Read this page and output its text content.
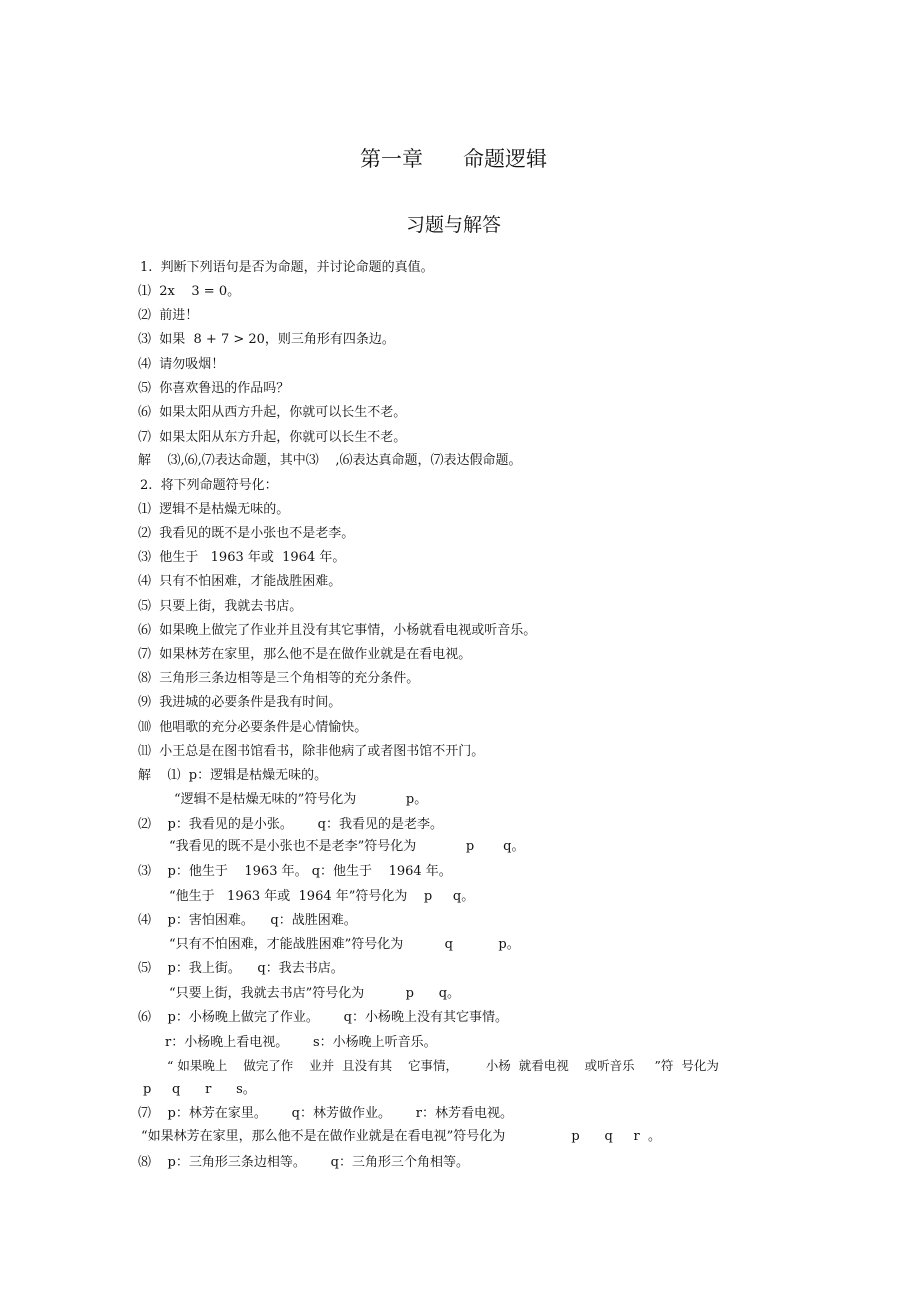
第一章      命题逻辑
习题与解答
1.  判断下列语句是否为命题，并讨论命题的真值。
⑴  2x    3 = 0。
⑵  前进！
⑶  如果  8 + 7 > 20，则三角形有四条边。
⑷  请勿吸烟！
⑸  你喜欢鲁迅的作品吗？
⑹  如果太阳从西方升起，你就可以长生不老。
⑺  如果太阳从东方升起，你就可以长生不老。
解    ⑶,⑹,⑺表达命题，其中⑶    ,⑹表达真命题，⑺表达假命题。
2.  将下列命题符号化：
⑴  逻辑不是枯燥无味的。
⑵  我看见的既不是小张也不是老李。
⑶  他生于   1963 年或  1964 年。
⑷  只有不怕困难，才能战胜困难。
⑸  只要上街，我就去书店。
⑹  如果晚上做完了作业并且没有其它事情，小杨就看电视或听音乐。
⑺  如果林芳在家里，那么他不是在做作业就是在看电视。
⑻  三角形三条边相等是三个角相等的充分条件。
⑼  我进城的必要条件是我有时间。
⑽  他唱歌的充分必要条件是心情愉快。
⑾  小王总是在图书馆看书，除非他病了或者图书馆不开门。
解    ⑴  p：逻辑是枯燥无味的。
“逻辑不是枯燥无味的”符号化为            p。
⑵    p：我看见的是小张。      q：我看见的是老李。
“我看见的既不是小张也不是老李”符号化为            p       q。
⑶    p：他生于    1963 年。 q：他生于    1964 年。
“他生于   1963 年或  1964 年”符号化为    p     q。
⑷    p：害怕困难。    q：战胜困难。
“只有不怕困难，才能战胜困难”符号化为          q           p。
⑸    p：我上街。    q：我去书店。
“只要上街，我就去书店”符号化为          p      q。
⑹    p：小杨晚上做完了作业。      q：小杨晚上没有其它事情。
r：小杨晚上看电视。      s：小杨晚上听音乐。
“ 如果晚上    做完了作    业并  且没有其    它事情，       小杨  就看电视    或听音乐     ”符  号化为
p     q      r      s。
⑺    p：林芳在家里。      q：林芳做作业。      r：林芳看电视。
“如果林芳在家里，那么他不是在做作业就是在看电视”符号化为                p      q     r  。
⑻    p：三角形三条边相等。      q：三角形三个角相等。
